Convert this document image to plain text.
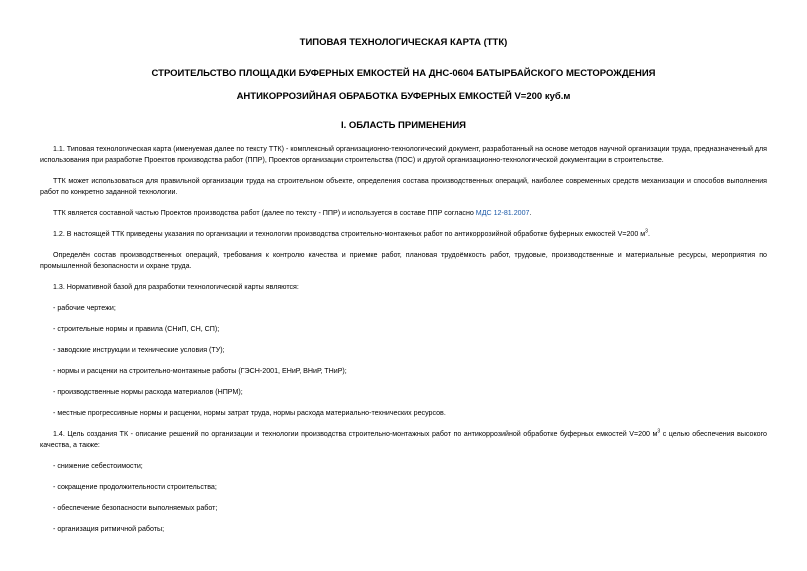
ТИПОВАЯ ТЕХНОЛОГИЧЕСКАЯ КАРТА (ТТК)

СТРОИТЕЛЬСТВО ПЛОЩАДКИ БУФЕРНЫХ ЕМКОСТЕЙ НА ДНС-0604 БАТЫРБАЙСКОГО МЕСТОРОЖДЕНИЯ

АНТИКОРРОЗИЙНАЯ ОБРАБОТКА БУФЕРНЫХ ЕМКОСТЕЙ V=200 куб.м

I. ОБЛАСТЬ ПРИМЕНЕНИЯ

1.1. Типовая технологическая карта (именуемая далее по тексту ТТК) - комплексный организационно-технологический документ, разработанный на основе методов научной организации труда, предназначенный для использования при разработке Проектов производства работ (ППР), Проектов организации строительства (ПОС) и другой организационно-технологической документации в строительстве.

ТТК может использоваться для правильной организации труда на строительном объекте, определения состава производственных операций, наиболее современных средств механизации и способов выполнения работ по конкретно заданной технологии.

ТТК является составной частью Проектов производства работ (далее по тексту - ППР) и используется в составе ППР согласно МДС 12-81.2007.

1.2. В настоящей ТТК приведены указания по организации и технологии производства строительно-монтажных работ по антикоррозийной обработке буферных емкостей V=200 $м^3$.

Определён состав производственных операций, требования к контролю качества и приемке работ, плановая трудоёмкость работ, трудовые, производственные и материальные ресурсы, мероприятия по промышленной безопасности и охране труда.

1.3. Нормативной базой для разработки технологической карты являются:

- рабочие чертежи;

- строительные нормы и правила (СНиП, СН, СП);

- заводские инструкции и технические условия (ТУ);

- нормы и расценки на строительно-монтажные работы (ГЭСН-2001, ЕНиР, ВНиР, ТНиР);

- производственные нормы расхода материалов (НПРМ);

- местные прогрессивные нормы и расценки, нормы затрат труда, нормы расхода материально-технических ресурсов.

1.4. Цель создания ТК - описание решений по организации и технологии производства строительно-монтажных работ по антикоррозийной обработке буферных емкостей V=200 $м^3$ с целью обеспечения высокого качества, а также:

- снижение себестоимости;

- сокращение продолжительности строительства;

- обеспечение безопасности выполняемых работ;

- организация ритмичной работы;
